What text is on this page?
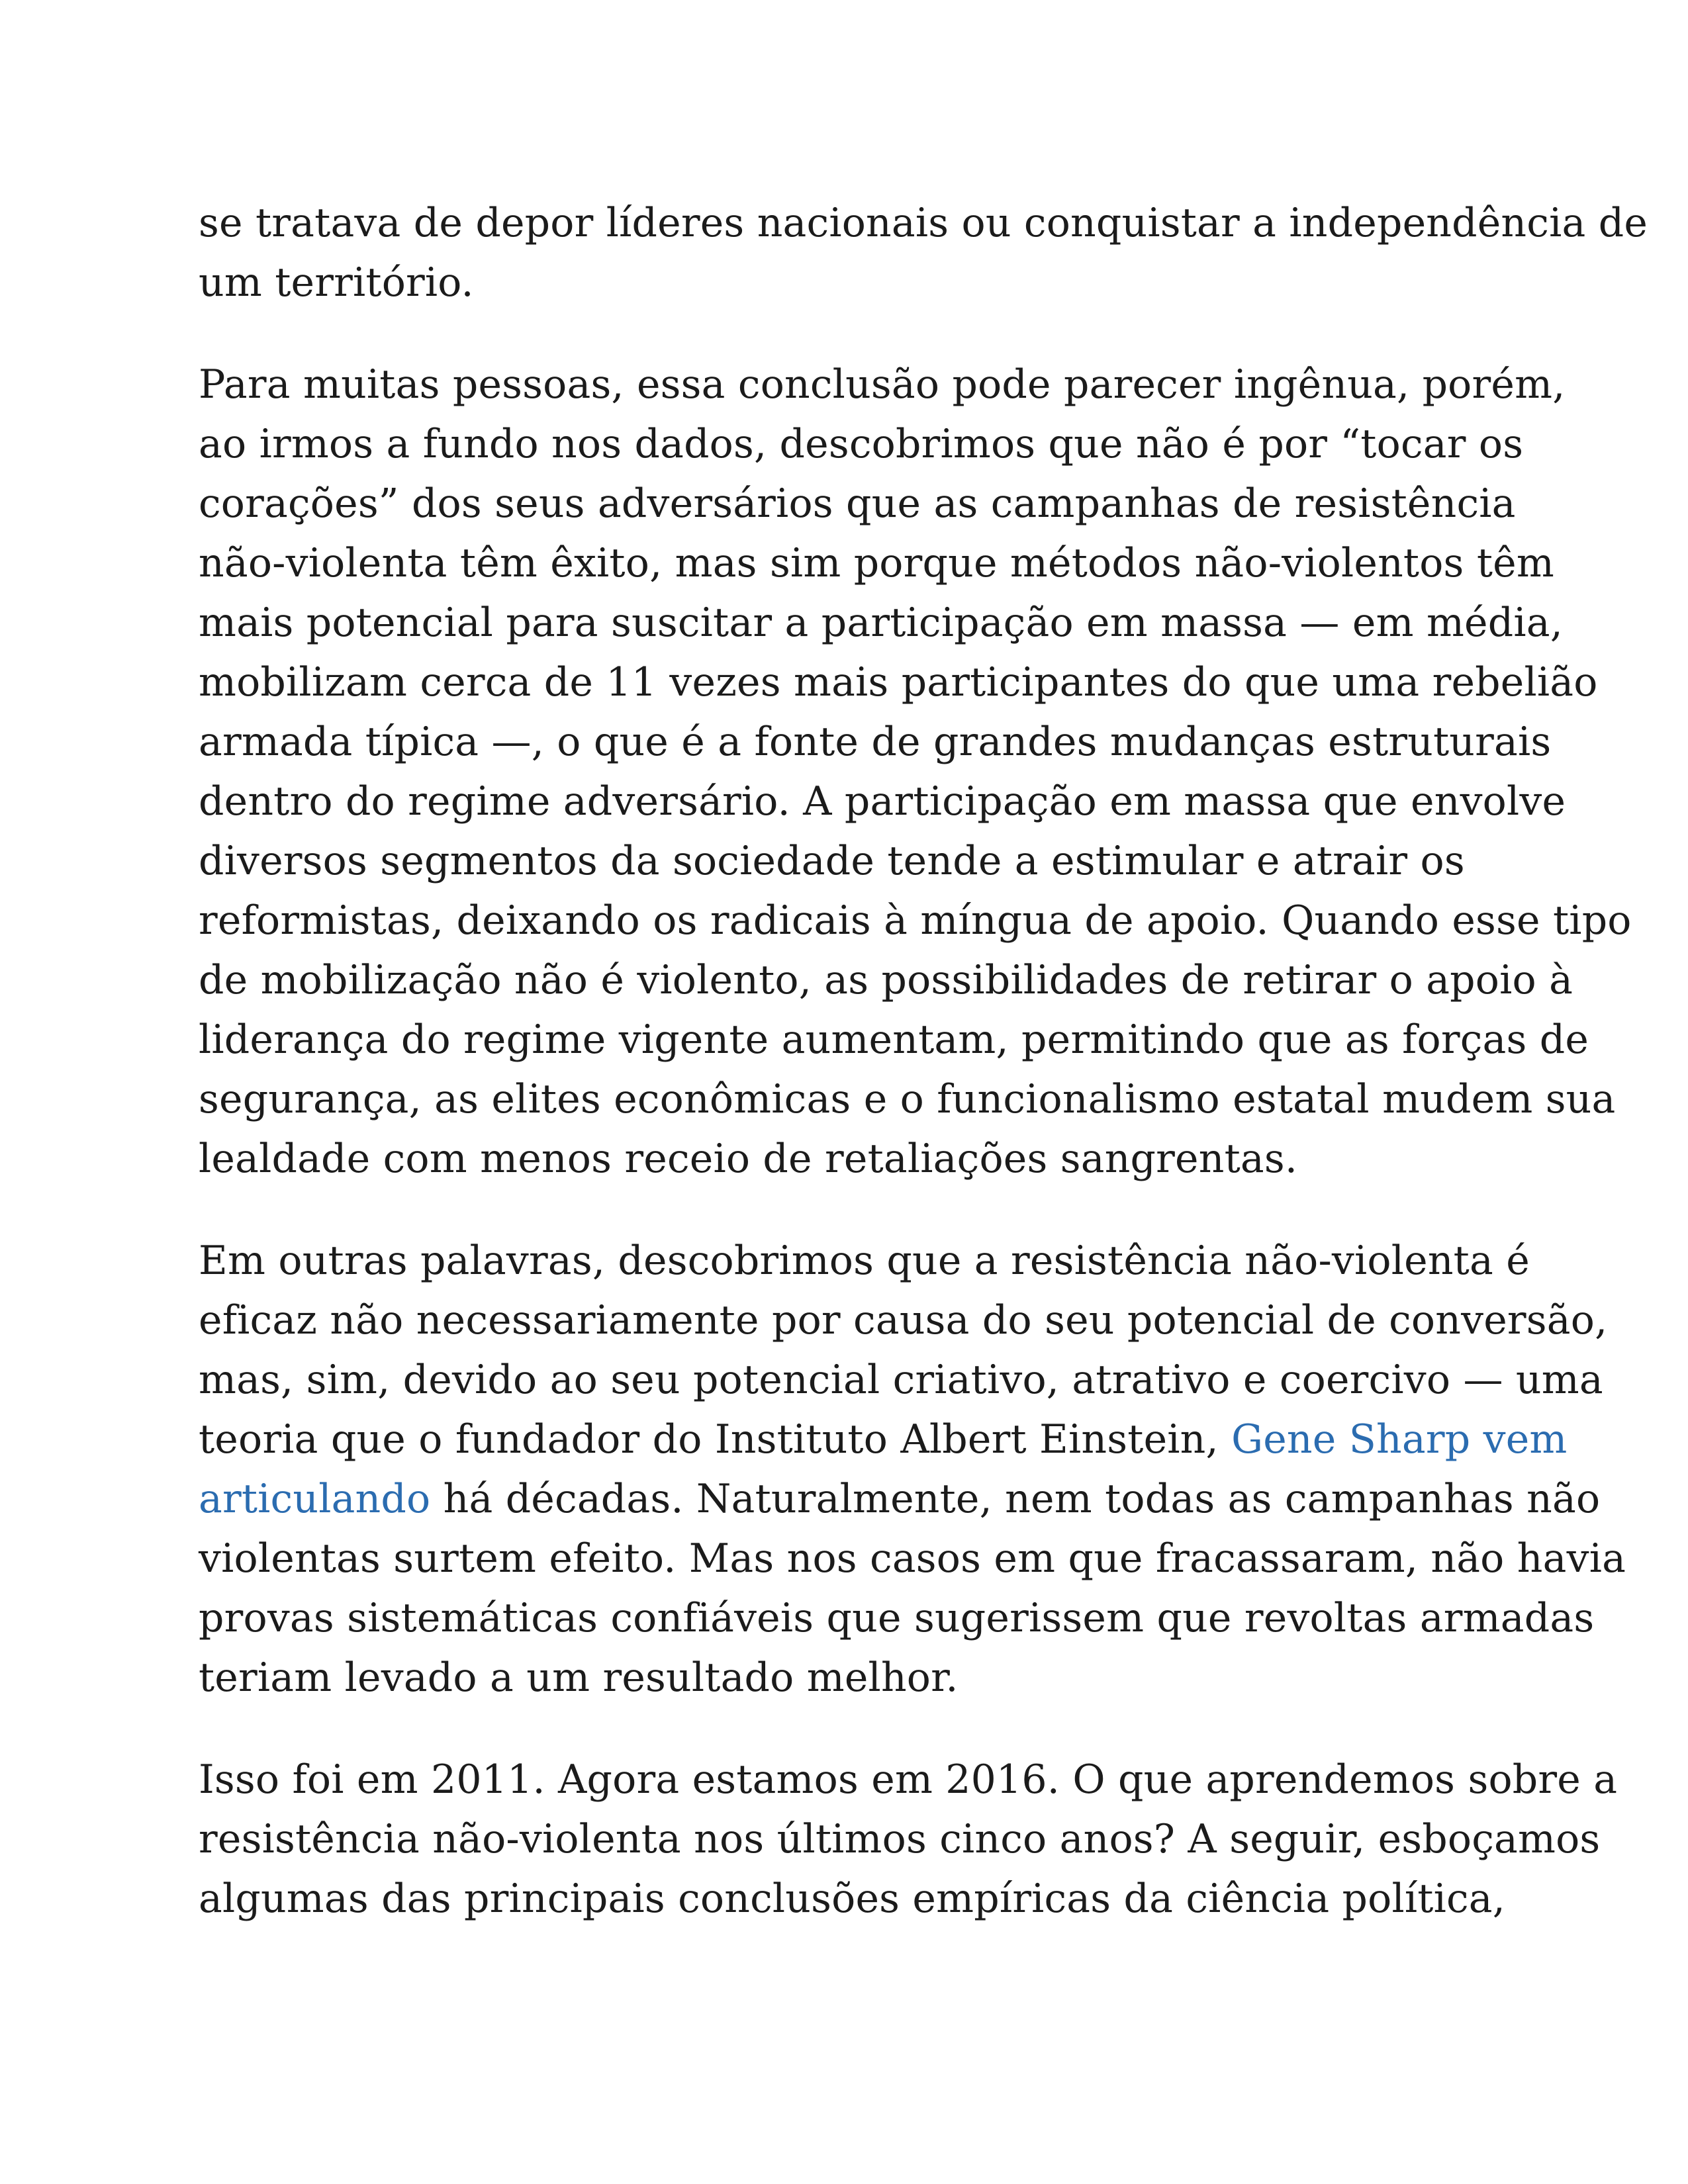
se tratava de depor líderes nacionais ou conquistar a independência de
um território.

Para muitas pessoas, essa conclusão pode parecer ingênua, porém,
ao irmos a fundo nos dados, descobrimos que não é por “tocar os
corações” dos seus adversários que as campanhas de resistência
não-violenta têm êxito, mas sim porque métodos não-violentos têm
mais potencial para suscitar a participação em massa — em média,
mobilizam cerca de 11 vezes mais participantes do que uma rebelião
armada típica —, o que é a fonte de grandes mudanças estruturais
dentro do regime adversário. A participação em massa que envolve
diversos segmentos da sociedade tende a estimular e atrair os
reformistas, deixando os radicais à míngua de apoio. Quando esse tipo
de mobilização não é violento, as possibilidades de retirar o apoio à
liderança do regime vigente aumentam, permitindo que as forças de
segurança, as elites econômicas e o funcionalismo estatal mudem sua
lealdade com menos receio de retaliações sangrentas.

Em outras palavras, descobrimos que a resistência não-violenta é
eficaz não necessariamente por causa do seu potencial de conversão,
mas, sim, devido ao seu potencial criativo, atrativo e coercivo — uma
teoria que o fundador do Instituto Albert Einstein, Gene Sharp vem
articulando há décadas. Naturalmente, nem todas as campanhas não
violentas surtem efeito. Mas nos casos em que fracassaram, não havia
provas sistemáticas confiáveis que sugerissem que revoltas armadas
teriam levado a um resultado melhor.

Isso foi em 2011. Agora estamos em 2016. O que aprendemos sobre a
resistência não-violenta nos últimos cinco anos? A seguir, esboçamos
algumas das principais conclusões empíricas da ciência política,
